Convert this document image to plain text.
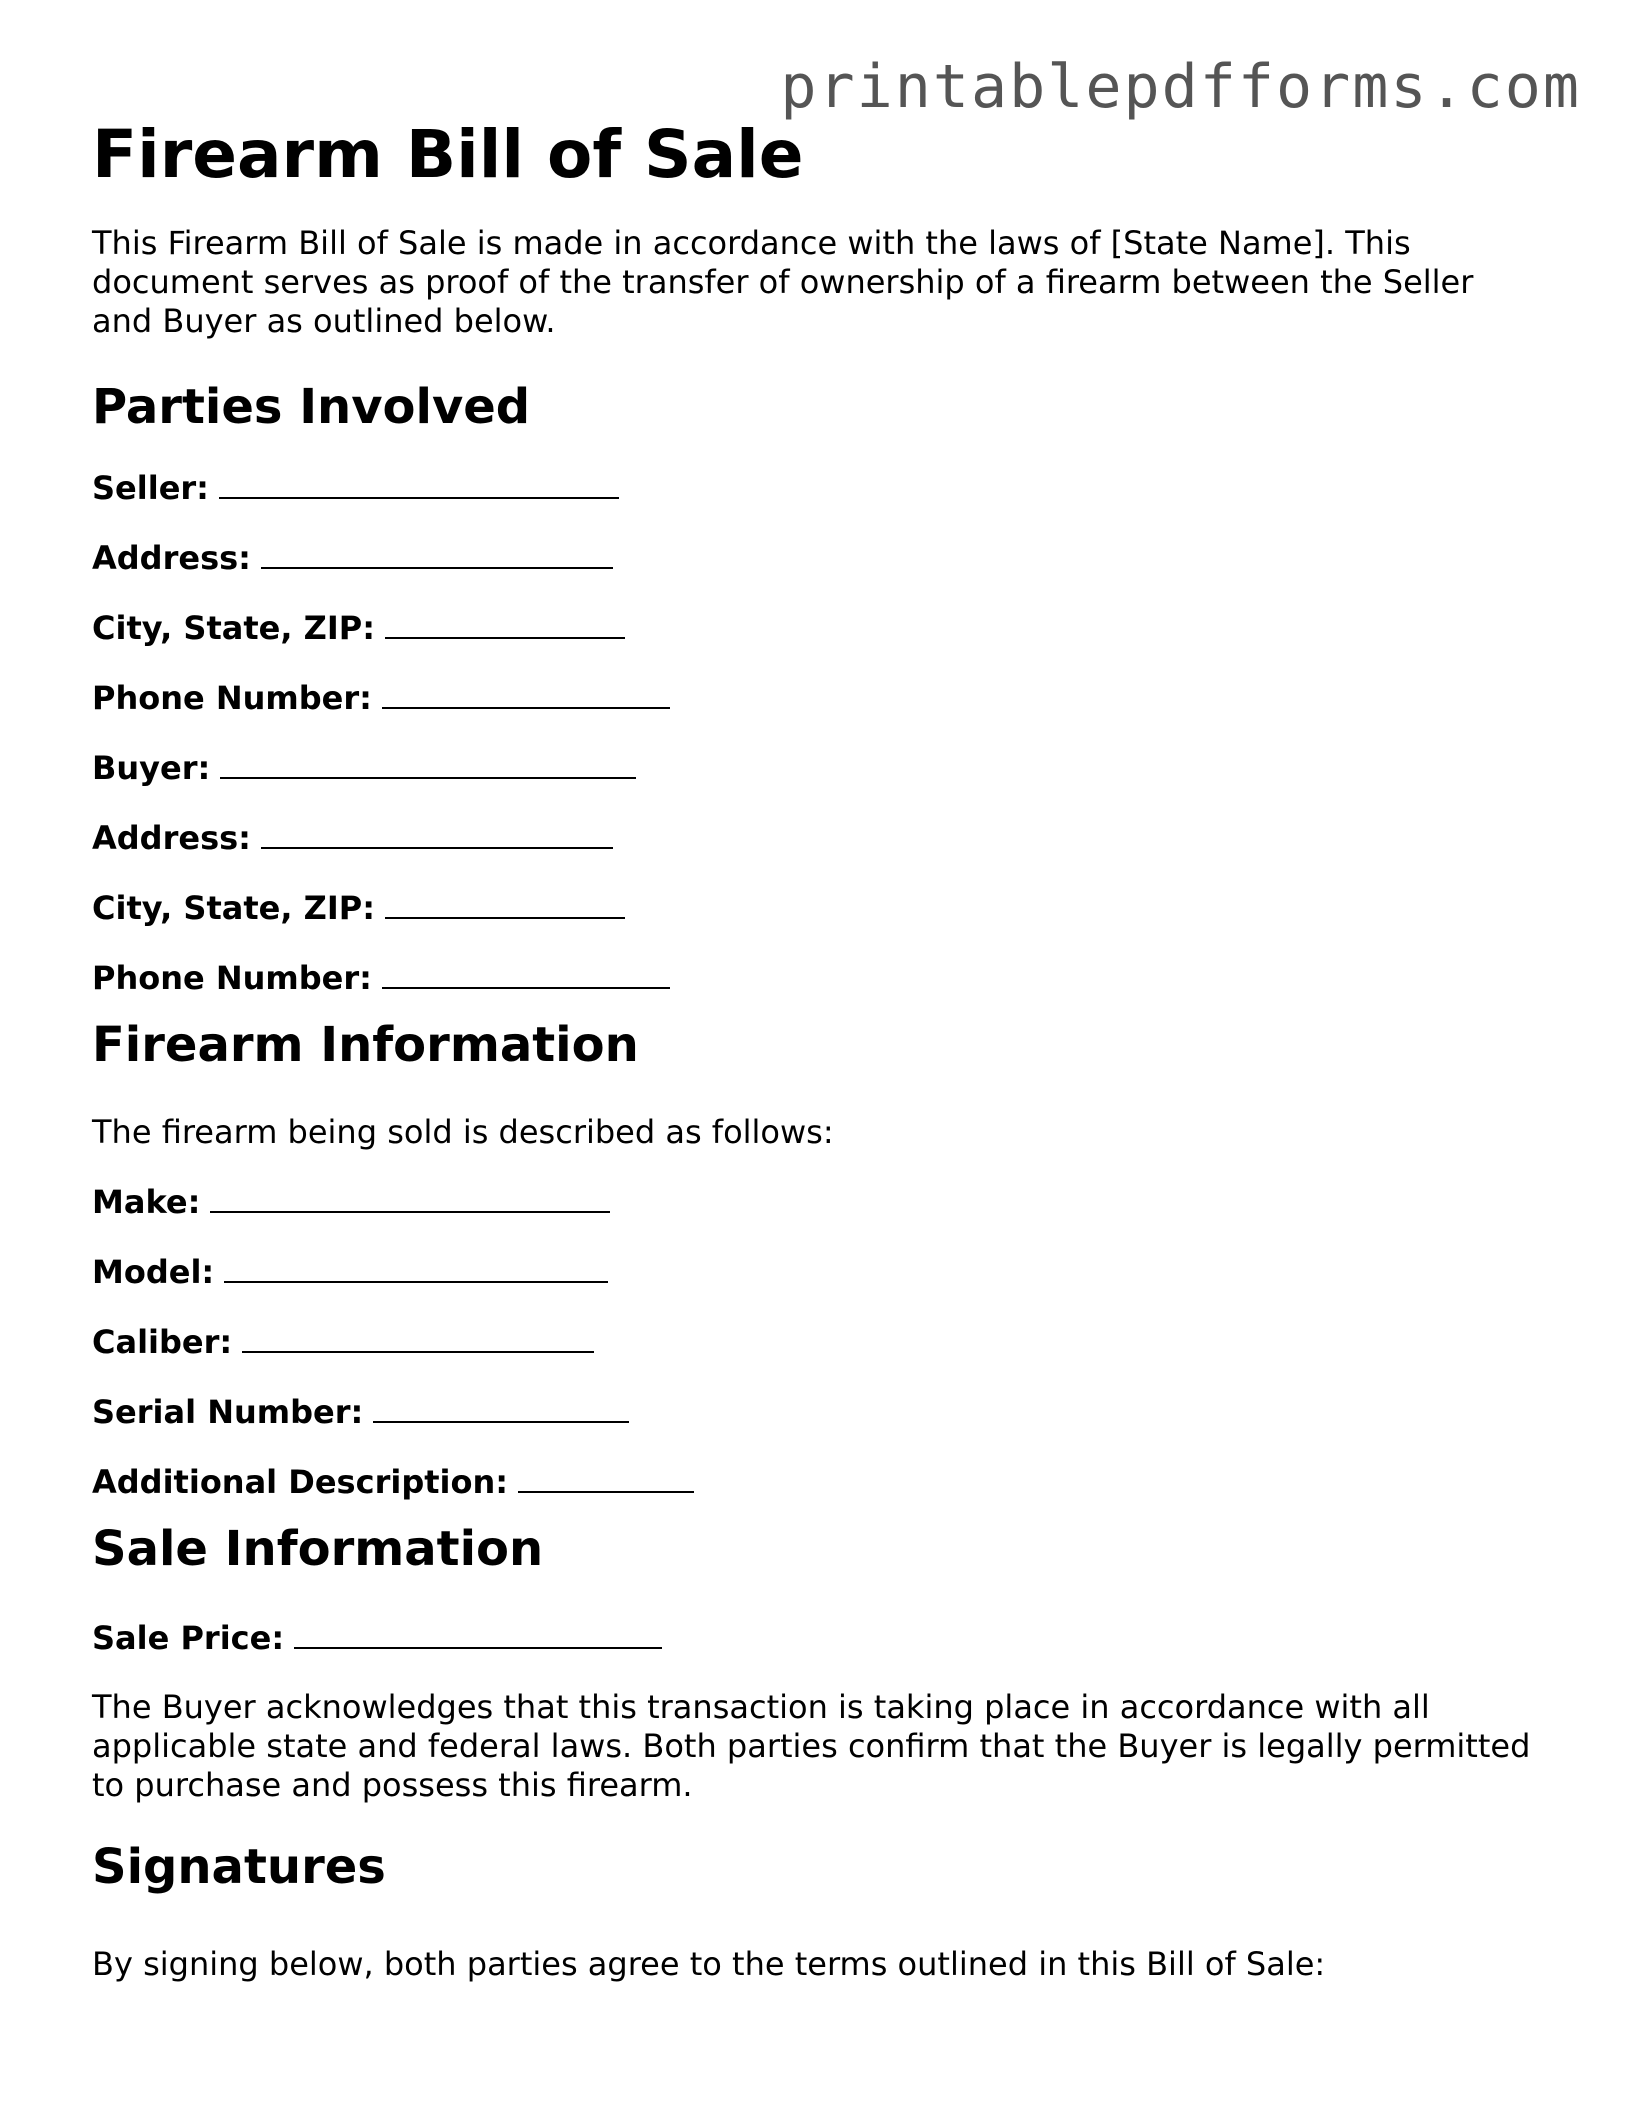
printablepdfforms.com
Firearm Bill of Sale

This Firearm Bill of Sale is made in accordance with the laws of [State Name]. This document serves as proof of the transfer of ownership of a firearm between the Seller and Buyer as outlined below.

Parties Involved
Seller:
Address:
City, State, ZIP:
Phone Number:
Buyer:
Address:
City, State, ZIP:
Phone Number:
Firearm Information

The firearm being sold is described as follows:

Make:
Model:
Caliber:
Serial Number:
Additional Description:
Sale Information
Sale Price:

The Buyer acknowledges that this transaction is taking place in accordance with all applicable state and federal laws. Both parties confirm that the Buyer is legally permitted to purchase and possess this firearm.

Signatures

By signing below, both parties agree to the terms outlined in this Bill of Sale:
